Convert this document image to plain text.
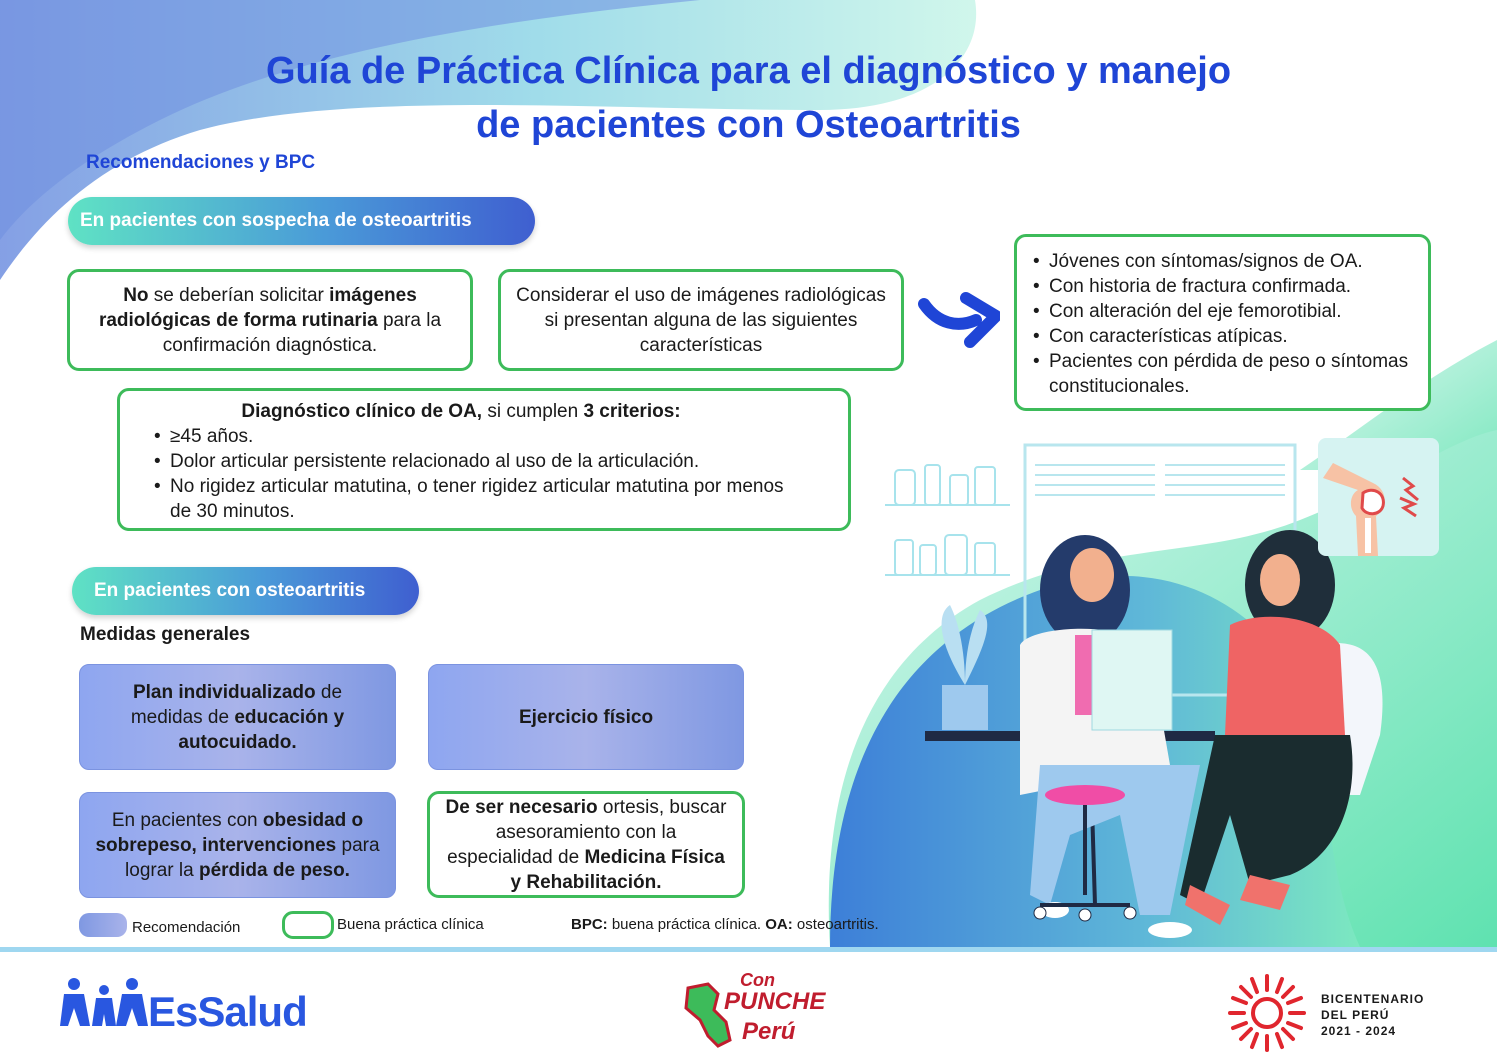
Guía de Práctica Clínica para el diagnóstico y manejo
de pacientes con Osteoartritis
Recomendaciones y BPC
En pacientes con sospecha de osteoartritis
No se deberían solicitar imágenes radiológicas de forma rutinaria para la confirmación diagnóstica.
Considerar el uso de imágenes radiológicas si presentan alguna de las siguientes características
• Jóvenes con síntomas/signos de OA.
• Con historia de fractura confirmada.
• Con alteración del eje femorotibial.
• Con características atípicas.
• Pacientes con pérdida de peso o síntomas constitucionales.
Diagnóstico clínico de OA, si cumplen 3 criterios:
• ≥45 años.
• Dolor articular persistente relacionado al uso de la articulación.
• No rigidez articular matutina, o tener rigidez articular matutina por menos de 30 minutos.
En pacientes con osteoartritis
Medidas generales
Plan individualizado de medidas de educación y autocuidado.
Ejercicio físico
En pacientes con obesidad o sobrepeso, intervenciones para lograr la pérdida de peso.
De ser necesario ortesis, buscar asesoramiento con la especialidad de Medicina Física y Rehabilitación.
Recomendación	Buena práctica clínica	BPC: buena práctica clínica. OA: osteoartritis.
EsSalud
Con
PUNCHE
Perú
BICENTENARIO
DEL PERÚ
2021 - 2024
